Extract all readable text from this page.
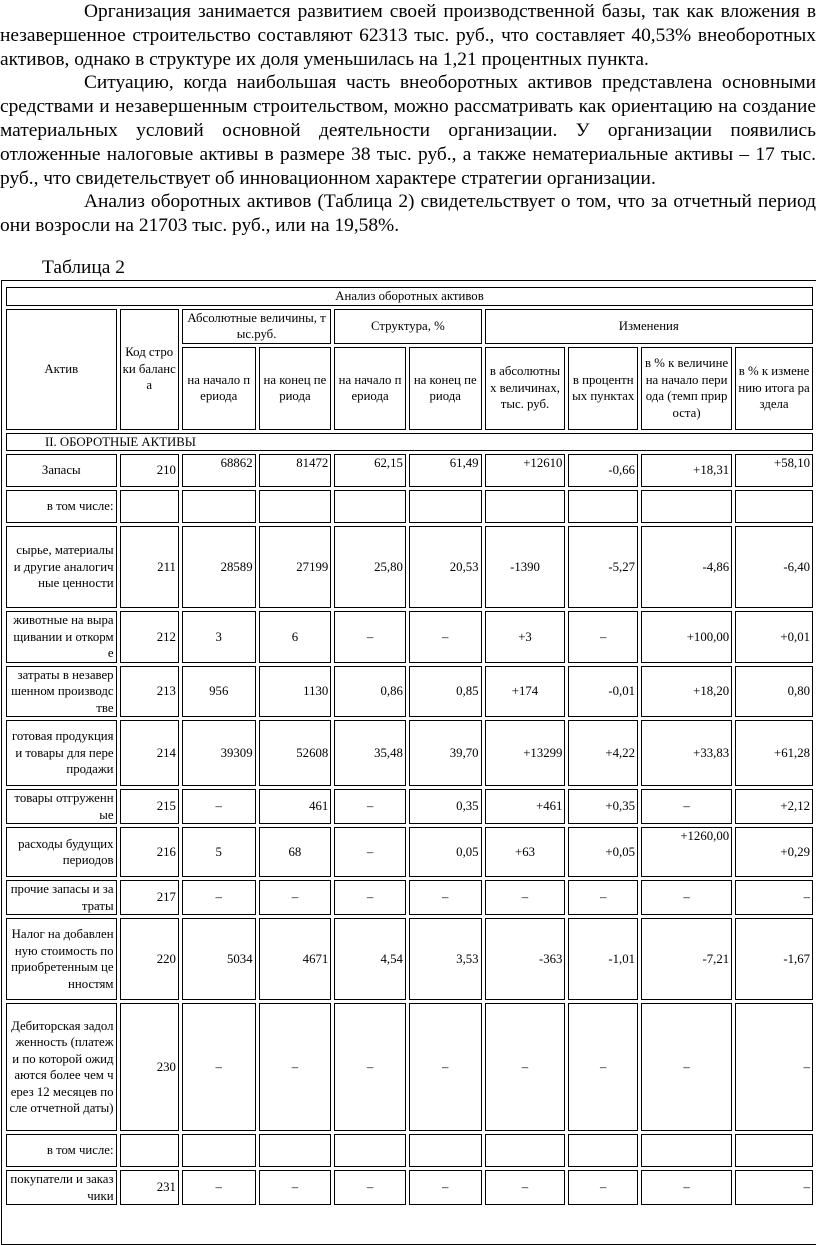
Организация занимается развитием своей производственной базы, так как вложения в незавершенное строительство составляют 62313 тыс. руб., что составляет 40,53% внеоборотных активов, однако в структуре их доля уменьшилась на 1,21 процентных пункта.

Ситуацию, когда наибольшая часть внеоборотных активов представлена основными средствами и незавершенным строительством, можно рассматривать как ориентацию на создание материальных условий основной деятельности организации. У организации появились отложенные налоговые активы в размере 38 тыс. руб., а также нематериальные активы – 17 тыс. руб., что свидетельствует об инновационном характере стратегии организации.

Анализ оборотных активов (Таблица 2) свидетельствует о том, что за отчетный период они возросли на 21703 тыс. руб., или на 19,58%.

Таблица 2
Анализ оборотных активов									
Актив	Код строки баланса	Абсолютные величины, тыс.руб.		Структура, %		Изменения			
		на начало периода	на конец периода	на начало периода	на конец периода	в абсолютных величинах, тыс. руб.	в процентных пунктах	в % к величине на начало периода (темп прироста)	в % к изменению итога раздела
II. ОБОРОТНЫЕ АКТИВЫ									
Запасы	210	68862	81472	62,15	61,49	+12610	-0,66	+18,31	+58,10
в том числе:									
сырье, материалы и другие аналогичные ценности	211	28589	27199	25,80	20,53	-1390	-5,27	-4,86	-6,40
животные на выращивании и откорме	212	3	6	–	–	+3	–	+100,00	+0,01
затраты в незавершенном производстве	213	956	1130	0,86	0,85	+174	-0,01	+18,20	0,80
готовая продукция и товары для перепродажи	214	39309	52608	35,48	39,70	+13299	+4,22	+33,83	+61,28
товары отгруженные	215	–	461	–	0,35	+461	+0,35	–	+2,12
расходы будущих периодов	216	5	68	–	0,05	+63	+0,05	+1260,00	+0,29
прочие запасы и затраты	217	–	–	–	–	–	–	–	–
Налог на добавленную стоимость по приобретенным ценностям	220	5034	4671	4,54	3,53	-363	-1,01	-7,21	-1,67
Дебиторская задолженность (платежи по которой ожидаются более чем через 12 месяцев после отчетной даты)	230	–	–	–	–	–	–	–	–
в том числе:									
покупатели и заказчики	231	–	–	–	–	–	–	–	–
